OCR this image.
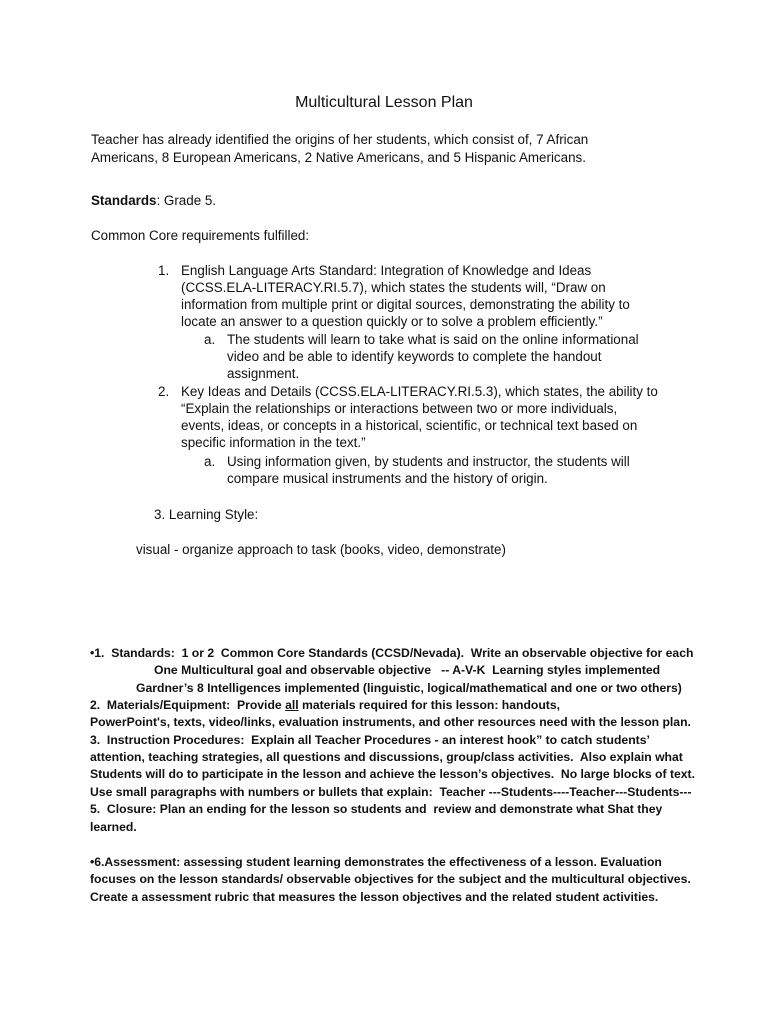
Multicultural Lesson Plan

Teacher has already identified the origins of her students, which consist of, 7 African

Americans, 8 European Americans, 2 Native Americans, and 5 Hispanic Americans.

Standards: Grade 5.

Common Core requirements fulfilled:

1. English Language Arts Standard: Integration of Knowledge and Ideas

(CCSS.ELA-LITERACY.RI.5.7), which states the students will, “Draw on

information from multiple print or digital sources, demonstrating the ability to

locate an answer to a question quickly or to solve a problem efficiently.”

a. The students will learn to take what is said on the online informational

video and be able to identify keywords to complete the handout

assignment.

2. Key Ideas and Details (CCSS.ELA-LITERACY.RI.5.3), which states, the ability to

“Explain the relationships or interactions between two or more individuals,

events, ideas, or concepts in a historical, scientific, or technical text based on

specific information in the text.”

a. Using information given, by students and instructor, the students will

compare musical instruments and the history of origin.

3. Learning Style:

visual - organize approach to task (books, video, demonstrate)

•1.  Standards:  1 or 2  Common Core Standards (CCSD/Nevada).  Write an observable objective for each

One Multicultural goal and observable objective   -- A-V-K  Learning styles implemented

Gardner’s 8 Intelligences implemented (linguistic, logical/mathematical and one or two others)

2.  Materials/Equipment:  Provide all materials required for this lesson: handouts,

PowerPoint's, texts, video/links, evaluation instruments, and other resources need with the lesson plan.

3.  Instruction Procedures:  Explain all Teacher Procedures - an interest hook” to catch students’

attention, teaching strategies, all questions and discussions, group/class activities.  Also explain what

Students will do to participate in the lesson and achieve the lesson’s objectives.  No large blocks of text.

Use small paragraphs with numbers or bullets that explain:  Teacher ---Students----Teacher---Students---

5.  Closure: Plan an ending for the lesson so students and  review and demonstrate what Shat they

learned.

•6.Assessment: assessing student learning demonstrates the effectiveness of a lesson. Evaluation

focuses on the lesson standards/ observable objectives for the subject and the multicultural objectives.

Create a assessment rubric that measures the lesson objectives and the related student activities.
